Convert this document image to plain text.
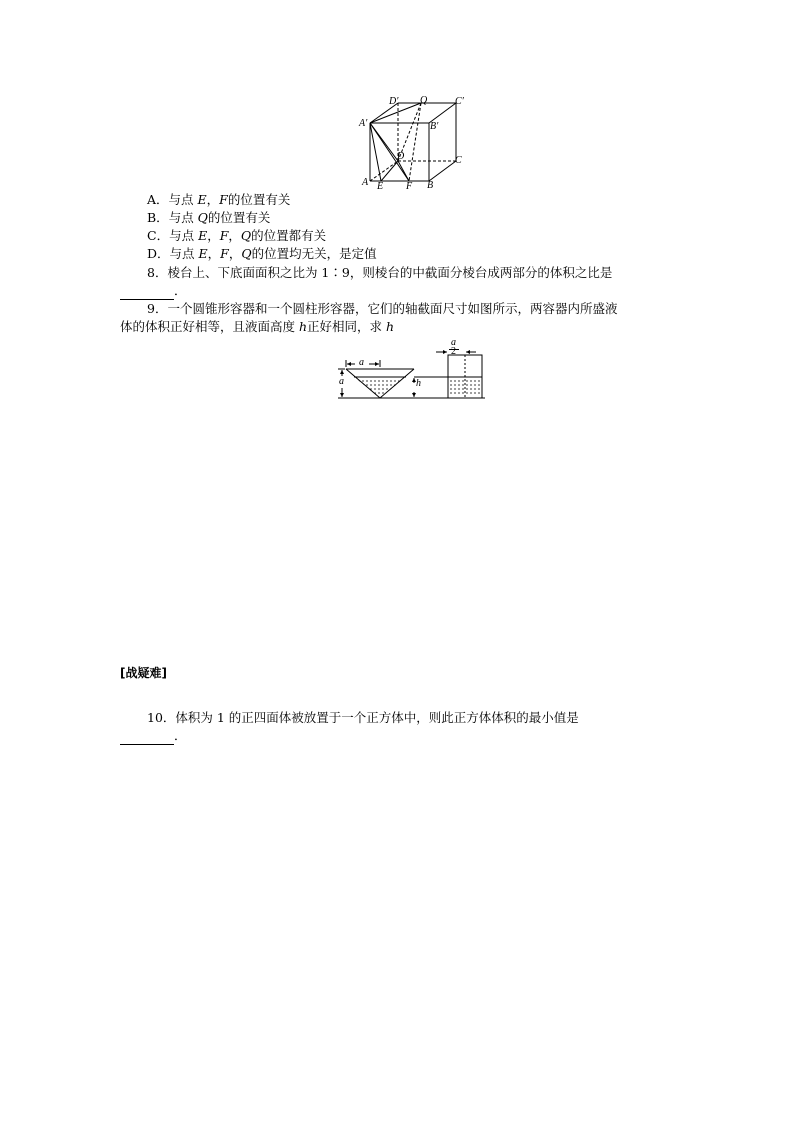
D′ Q	C′
A′	B′
D	C
A E F B
A．与点 E，F的位置有关
B．与点 Q的位置有关
C．与点 E，F，Q的位置都有关
D．与点 E，F，Q的位置均无关，是定值
8．棱台上、下底面面积之比为 1∶9，则棱台的中截面分棱台成两部分的体积之比是
．
9．一个圆锥形容器和一个圆柱形容器，它们的轴截面尺寸如图所示，两容器内所盛液
体的体积正好相等，且液面高度 h正好相同，求 h
a
a	h
a
2
[战疑难]
10．体积为 1 的正四面体被放置于一个正方体中，则此正方体体积的最小值是
．
